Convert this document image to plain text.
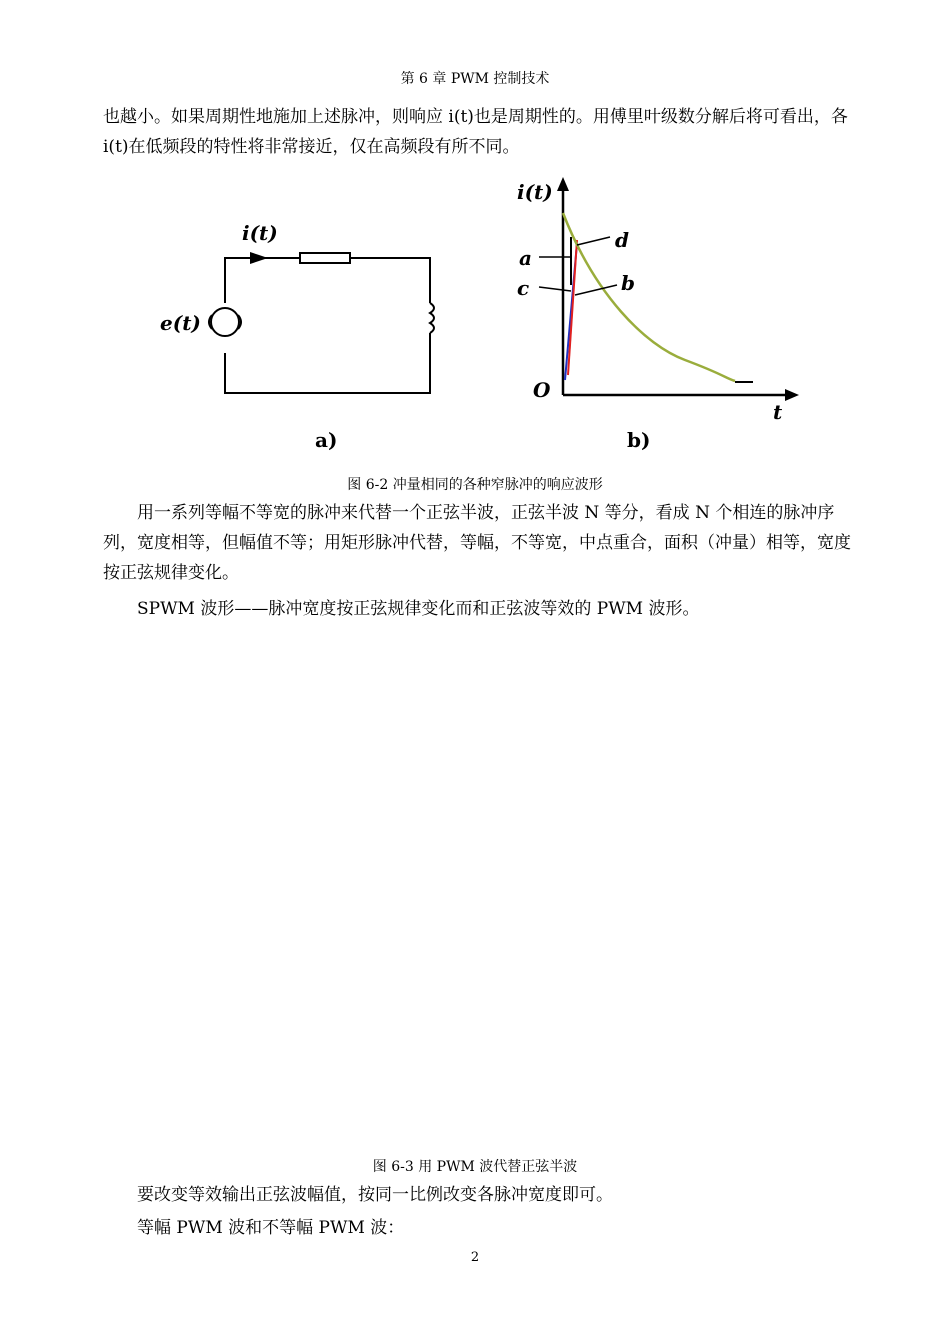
第 6 章 PWM 控制技术

也越小。如果周期性地施加上述脉冲，则响应 i(t)也是周期性的。用傅里叶级数分解后将可看出，各 i(t)在低频段的特性将非常接近，仅在高频段有所不同。

i(t)
e(t)
a)
i(t)
t
O
a
b
c
d
b)
图 6-2 冲量相同的各种窄脉冲的响应波形

用一系列等幅不等宽的脉冲来代替一个正弦半波，正弦半波 N 等分，看成 N 个相连的脉冲序列，宽度相等，但幅值不等；用矩形脉冲代替，等幅，不等宽，中点重合，面积（冲量）相等，宽度按正弦规律变化。

SPWM 波形——脉冲宽度按正弦规律变化而和正弦波等效的 PWM 波形。

图 6-3 用 PWM 波代替正弦半波

要改变等效输出正弦波幅值，按同一比例改变各脉冲宽度即可。

等幅 PWM 波和不等幅 PWM 波：

2
